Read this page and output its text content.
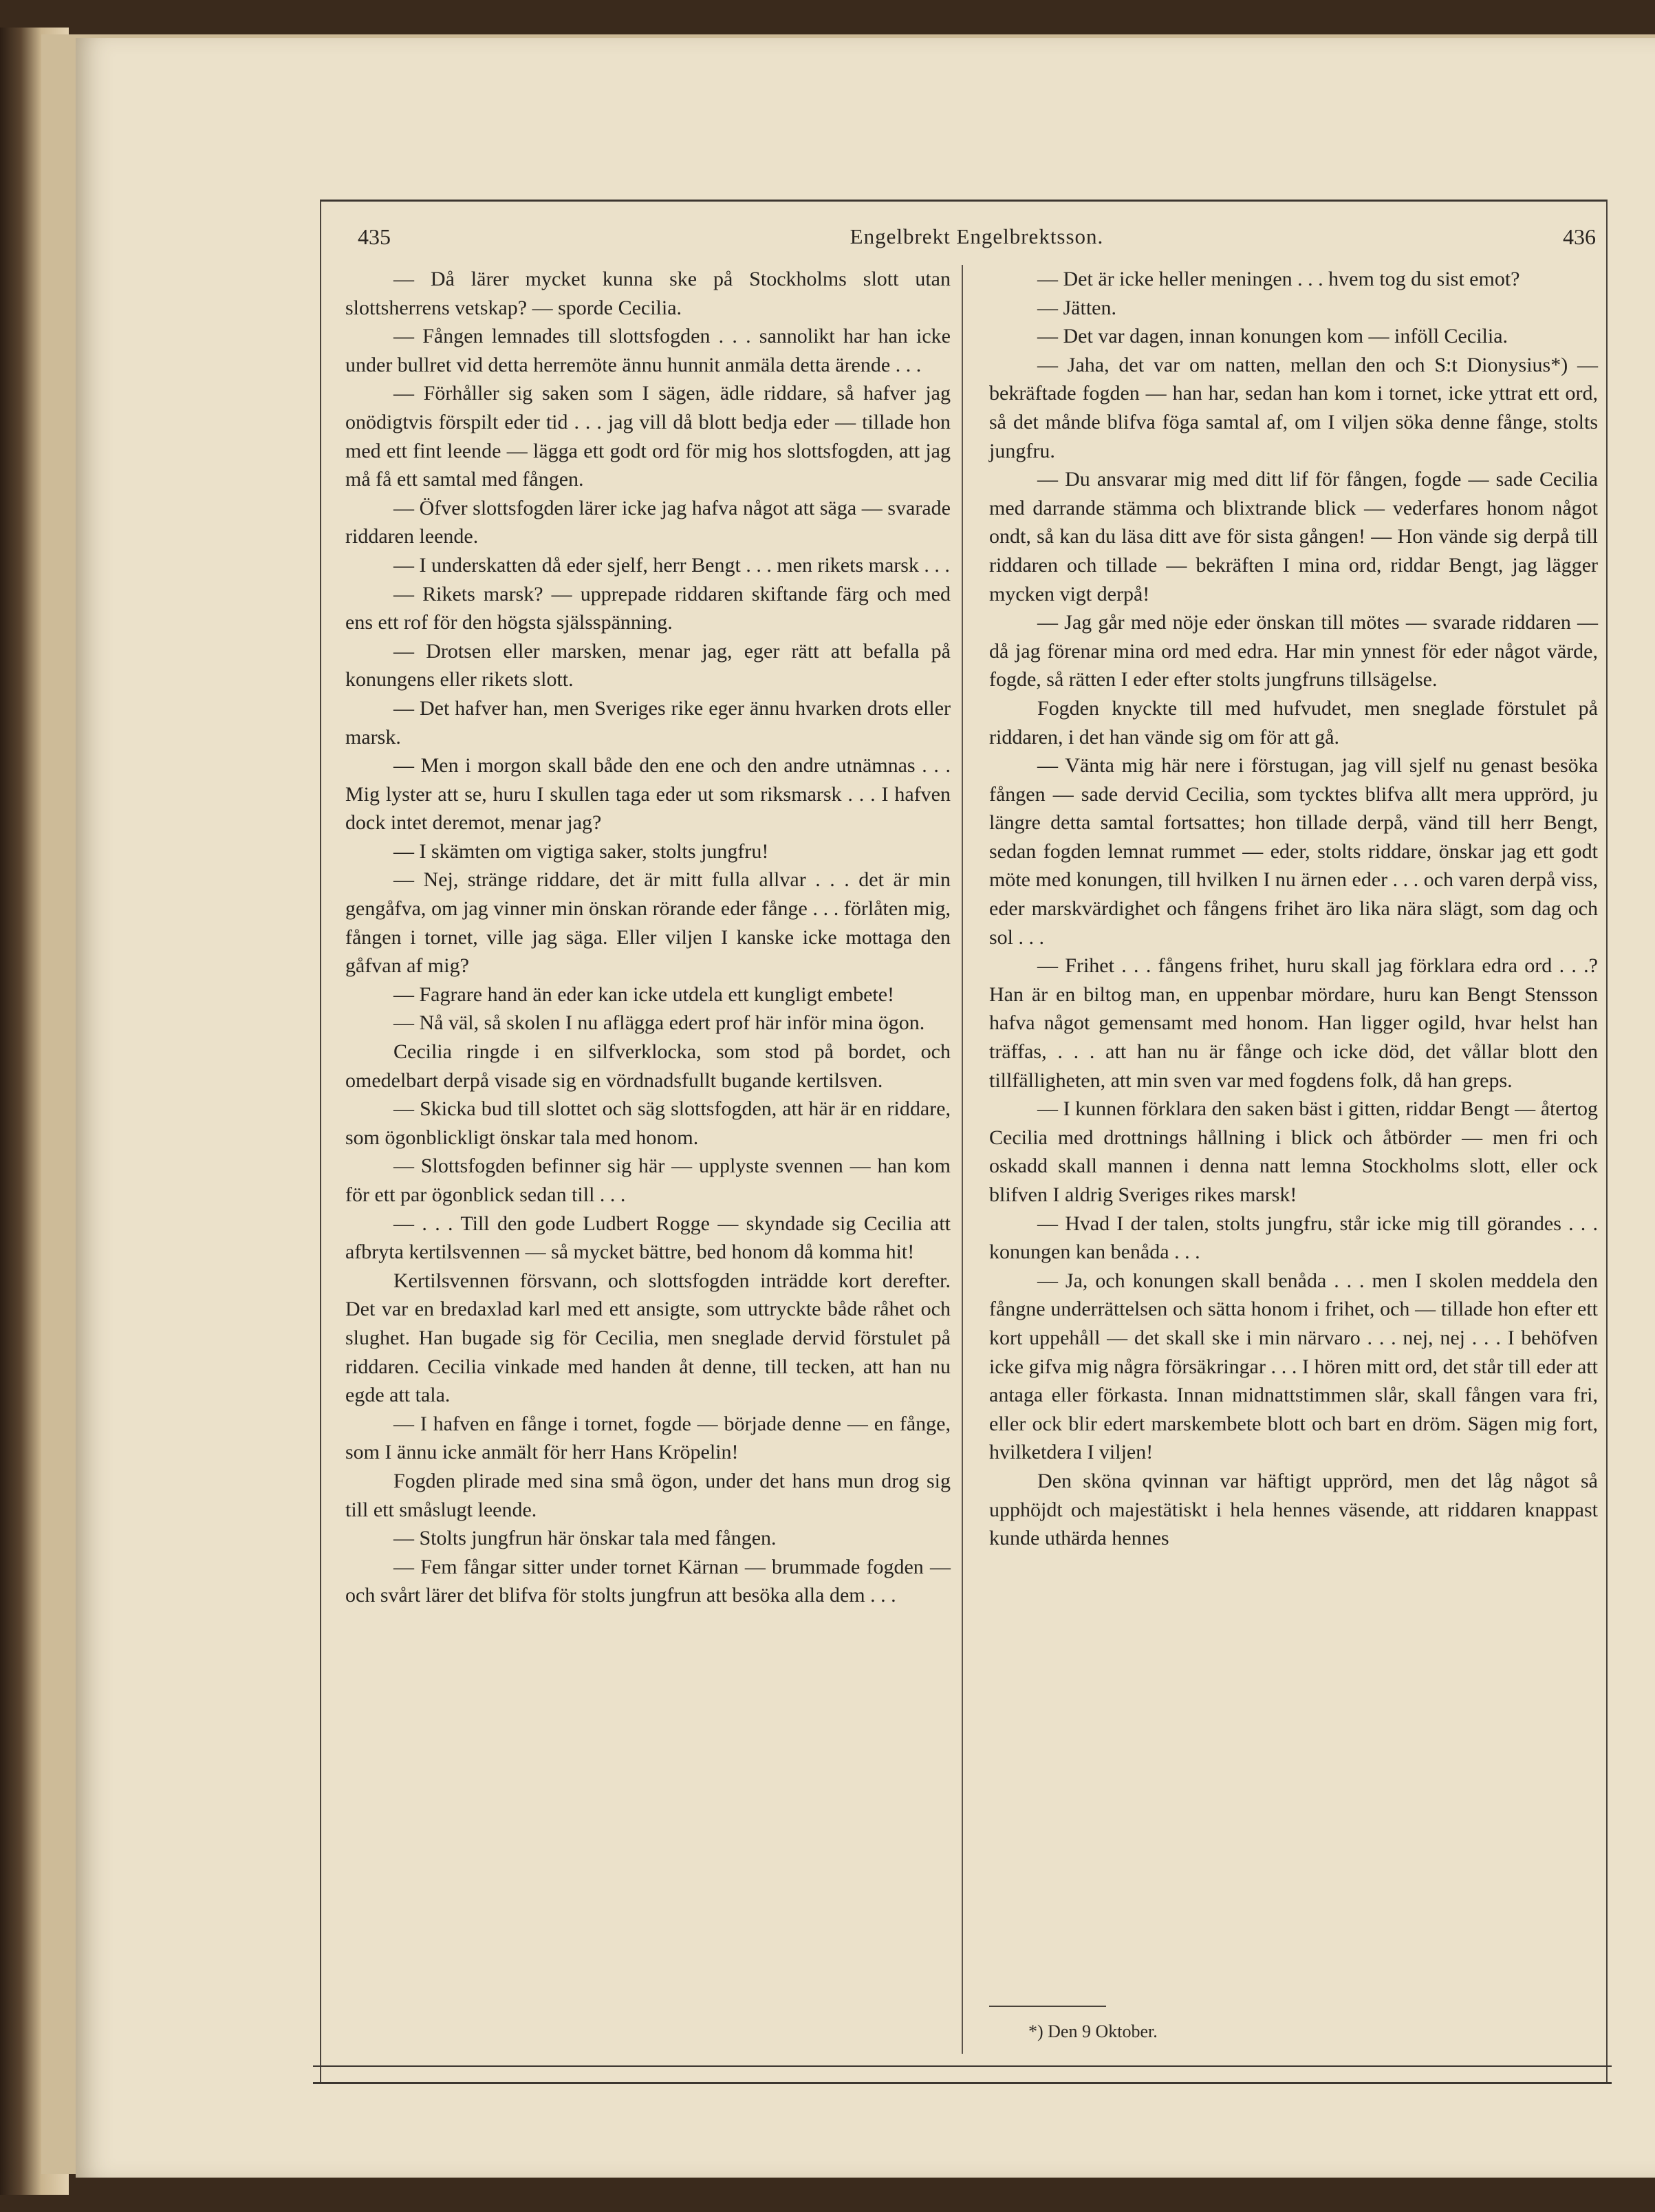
435	Engelbrekt Engelbrektsson.	436

— Då lärer mycket kunna ske på Stockholms slott utan slottsherrens vetskap? — sporde Cecilia.

— Fången lemnades till slottsfogden . . . sannolikt har han icke under bullret vid detta herremöte ännu hunnit anmäla detta ärende . . .

— Förhåller sig saken som I sägen, ädle riddare, så hafver jag onödigtvis förspilt eder tid . . . jag vill då blott bedja eder — tillade hon med ett fint leende — lägga ett godt ord för mig hos slottsfogden, att jag må få ett samtal med fången.

— Öfver slottsfogden lärer icke jag hafva något att säga — svarade riddaren leende.

— I underskatten då eder sjelf, herr Bengt . . . men rikets marsk . . .

— Rikets marsk? — upprepade riddaren skiftande färg och med ens ett rof för den högsta själsspänning.

— Drotsen eller marsken, menar jag, eger rätt att befalla på konungens eller rikets slott.

— Det hafver han, men Sveriges rike eger ännu hvarken drots eller marsk.

— Men i morgon skall både den ene och den andre utnämnas . . . Mig lyster att se, huru I skullen taga eder ut som riksmarsk . . . I hafven dock intet deremot, menar jag?

— I skämten om vigtiga saker, stolts jungfru!

— Nej, stränge riddare, det är mitt fulla allvar . . . det är min gengåfva, om jag vinner min önskan rörande eder fånge . . . förlåten mig, fången i tornet, ville jag säga. Eller viljen I kanske icke mottaga den gåfvan af mig?

— Fagrare hand än eder kan icke utdela ett kungligt embete!

— Nå väl, så skolen I nu aflägga edert prof här inför mina ögon.

Cecilia ringde i en silfverklocka, som stod på bordet, och omedelbart derpå visade sig en vördnadsfullt bugande kertilsven.

— Skicka bud till slottet och säg slottsfogden, att här är en riddare, som ögonblickligt önskar tala med honom.

— Slottsfogden befinner sig här — upplyste svennen — han kom för ett par ögonblick sedan till . . .

— . . . Till den gode Ludbert Rogge — skyndade sig Cecilia att afbryta kertilsvennen — så mycket bättre, bed honom då komma hit!

Kertilsvennen försvann, och slottsfogden inträdde kort derefter. Det var en bredaxlad karl med ett ansigte, som uttryckte både råhet och slughet. Han bugade sig för Cecilia, men sneglade dervid förstulet på riddaren. Cecilia vinkade med handen åt denne, till tecken, att han nu egde att tala.

— I hafven en fånge i tornet, fogde — började denne — en fånge, som I ännu icke anmält för herr Hans Kröpelin!

Fogden plirade med sina små ögon, under det hans mun drog sig till ett småslugt leende.

— Stolts jungfrun här önskar tala med fången.

— Fem fångar sitter under tornet Kärnan — brummade fogden — och svårt lärer det blifva för stolts jungfrun att besöka alla dem . . .

— Det är icke heller meningen . . . hvem tog du sist emot?

— Jätten.

— Det var dagen, innan konungen kom — inföll Cecilia.

— Jaha, det var om natten, mellan den och S:t Dionysius*) — bekräftade fogden — han har, sedan han kom i tornet, icke yttrat ett ord, så det månde blifva föga samtal af, om I viljen söka denne fånge, stolts jungfru.

— Du ansvarar mig med ditt lif för fången, fogde — sade Cecilia med darrande stämma och blixtrande blick — vederfares honom något ondt, så kan du läsa ditt ave för sista gången! — Hon vände sig derpå till riddaren och tillade — bekräften I mina ord, riddar Bengt, jag lägger mycken vigt derpå!

— Jag går med nöje eder önskan till mötes — svarade riddaren — då jag förenar mina ord med edra. Har min ynnest för eder något värde, fogde, så rätten I eder efter stolts jungfruns tillsägelse.

Fogden knyckte till med hufvudet, men sneglade förstulet på riddaren, i det han vände sig om för att gå.

— Vänta mig här nere i förstugan, jag vill sjelf nu genast besöka fången — sade dervid Cecilia, som tycktes blifva allt mera upprörd, ju längre detta samtal fortsattes; hon tillade derpå, vänd till herr Bengt, sedan fogden lemnat rummet — eder, stolts riddare, önskar jag ett godt möte med konungen, till hvilken I nu ärnen eder . . . och varen derpå viss, eder marskvärdighet och fångens frihet äro lika nära slägt, som dag och sol . . .

— Frihet . . . fångens frihet, huru skall jag förklara edra ord . . .? Han är en biltog man, en uppenbar mördare, huru kan Bengt Stensson hafva något gemensamt med honom. Han ligger ogild, hvar helst han träffas, . . . att han nu är fånge och icke död, det vållar blott den tillfälligheten, att min sven var med fogdens folk, då han greps.

— I kunnen förklara den saken bäst i gitten, riddar Bengt — återtog Cecilia med drottnings hållning i blick och åtbörder — men fri och oskadd skall mannen i denna natt lemna Stockholms slott, eller ock blifven I aldrig Sveriges rikes marsk!

— Hvad I der talen, stolts jungfru, står icke mig till görandes . . . konungen kan benåda . . .

— Ja, och konungen skall benåda . . . men I skolen meddela den fångne underrättelsen och sätta honom i frihet, och — tillade hon efter ett kort uppehåll — det skall ske i min närvaro . . . nej, nej . . . I behöfven icke gifva mig några försäkringar . . . I hören mitt ord, det står till eder att antaga eller förkasta. Innan midnattstimmen slår, skall fången vara fri, eller ock blir edert marskembete blott och bart en dröm. Sägen mig fort, hvilketdera I viljen!

Den sköna qvinnan var häftigt upprörd, men det låg något så upphöjdt och majestätiskt i hela hennes väsende, att riddaren knappast kunde uthärda hennes

*) Den 9 Oktober.
